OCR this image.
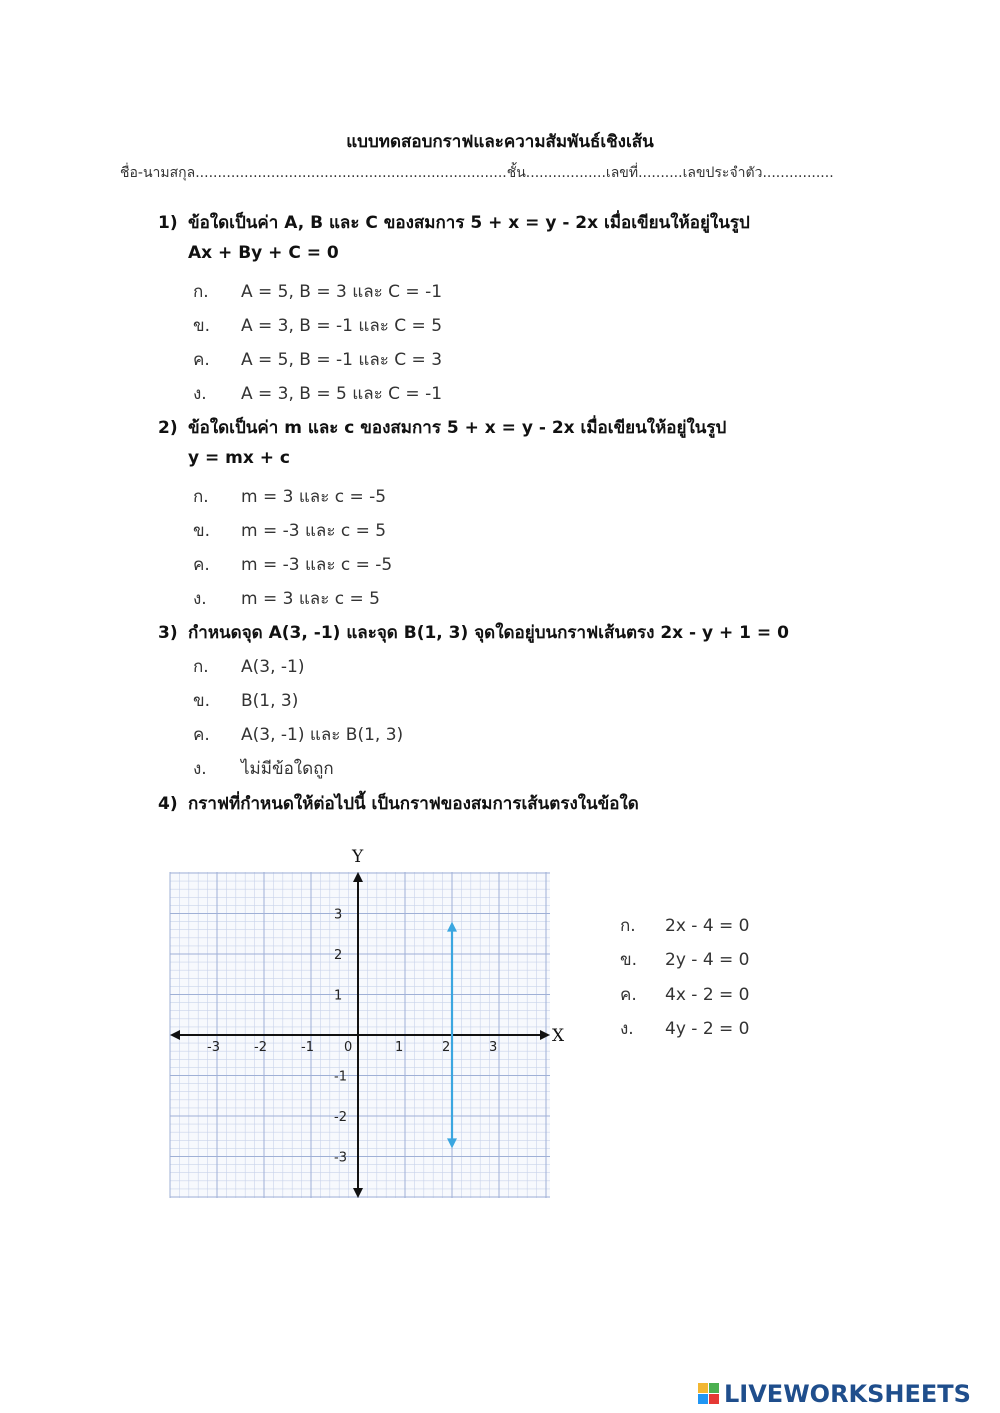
แบบทดสอบกราฟและความสัมพันธ์เชิงเส้น
ชื่อ-นามสกุล......................................................................ชั้น..................เลขที่..........เลขประจำตัว................
1) ข้อใดเป็นค่า A, B และ C ของสมการ 5 + x = y - 2x เมื่อเขียนให้อยู่ในรูป
Ax + By + C = 0
ก. A = 5, B = 3 และ C = -1
ข. A = 3, B = -1 และ C = 5
ค. A = 5, B = -1 และ C = 3
ง. A = 3, B = 5 และ C = -1
2) ข้อใดเป็นค่า m และ c ของสมการ 5 + x = y - 2x เมื่อเขียนให้อยู่ในรูป
y = mx + c
ก. m = 3 และ c = -5
ข. m = -3 และ c = 5
ค. m = -3 และ c = -5
ง. m = 3 และ c = 5
3) กำหนดจุด A(3, -1) และจุด B(1, 3) จุดใดอยู่บนกราฟเส้นตรง 2x - y + 1 = 0
ก. A(3, -1)
ข. B(1, 3)
ค. A(3, -1) และ B(1, 3)
ง. ไม่มีข้อใดถูก
4) กราฟที่กำหนดให้ต่อไปนี้ เป็นกราฟของสมการเส้นตรงในข้อใด
-3	-2	-1 0	1	2	3
3
2
1
-1
-2
-3
X
Y
ก. 2x - 4 = 0
ข. 2y - 4 = 0
ค. 4x - 2 = 0
ง. 4y - 2 = 0
LIVEWORKSHEETS
